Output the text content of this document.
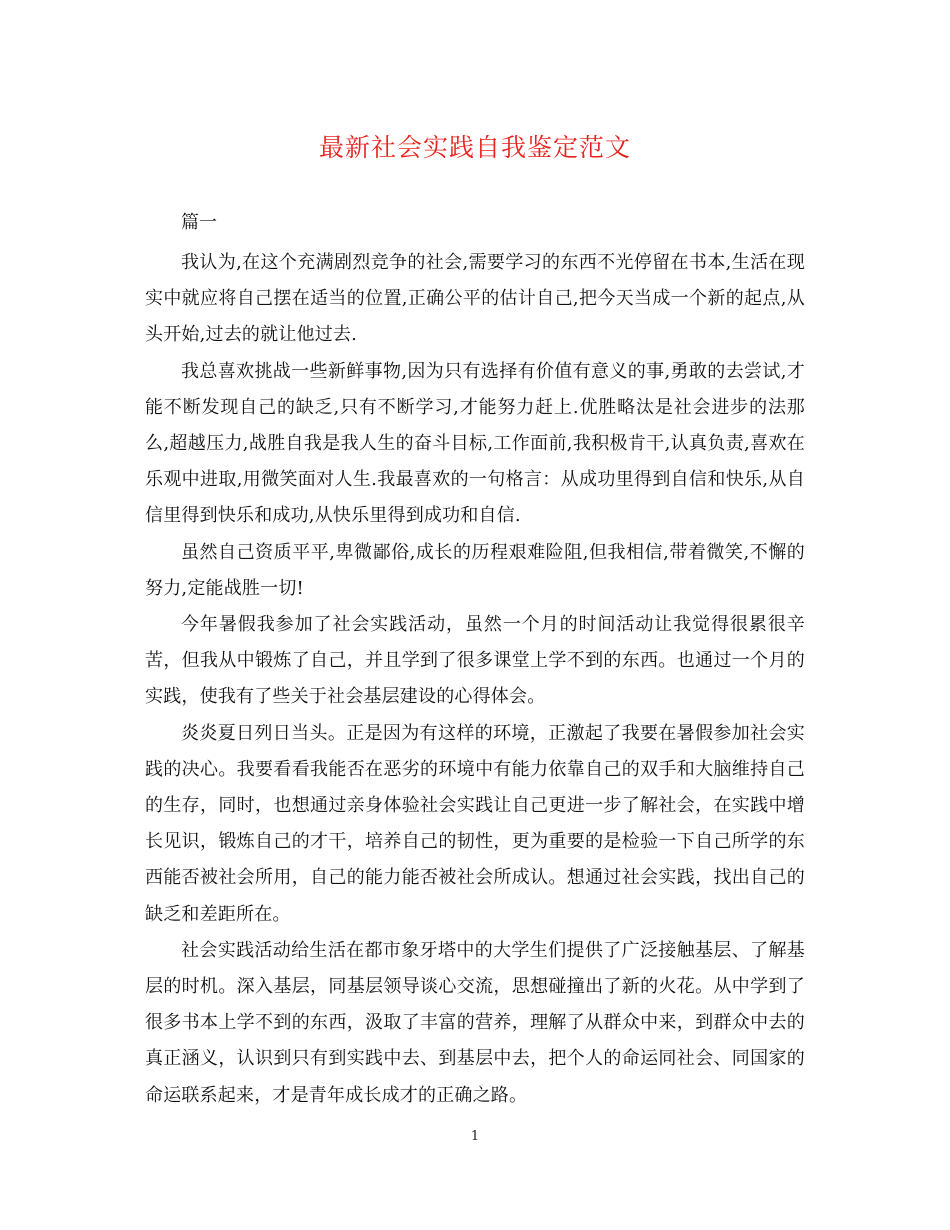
最新社会实践自我鉴定范文

篇一

我认为,在这个充满剧烈竞争的社会,需要学习的东西不光停留在书本,生活在现实中就应将自己摆在适当的位置,正确公平的估计自己,把今天当成一个新的起点,从头开始,过去的就让他过去.

我总喜欢挑战一些新鲜事物,因为只有选择有价值有意义的事,勇敢的去尝试,才能不断发现自己的缺乏,只有不断学习,才能努力赶上.优胜略汰是社会进步的法那么,超越压力,战胜自我是我人生的奋斗目标,工作面前,我积极肯干,认真负责,喜欢在乐观中进取,用微笑面对人生.我最喜欢的一句格言：从成功里得到自信和快乐,从自信里得到快乐和成功,从快乐里得到成功和自信.

虽然自己资质平平,卑微鄙俗,成长的历程艰难险阻,但我相信,带着微笑,不懈的努力,定能战胜一切!

今年暑假我参加了社会实践活动，虽然一个月的时间活动让我觉得很累很辛苦，但我从中锻炼了自己，并且学到了很多课堂上学不到的东西。也通过一个月的实践，使我有了些关于社会基层建设的心得体会。

炎炎夏日列日当头。正是因为有这样的环境，正激起了我要在暑假参加社会实践的决心。我要看看我能否在恶劣的环境中有能力依靠自己的双手和大脑维持自己的生存，同时，也想通过亲身体验社会实践让自己更进一步了解社会，在实践中增长见识，锻炼自己的才干，培养自己的韧性，更为重要的是检验一下自己所学的东西能否被社会所用，自己的能力能否被社会所成认。想通过社会实践，找出自己的缺乏和差距所在。

社会实践活动给生活在都市象牙塔中的大学生们提供了广泛接触基层、了解基层的时机。深入基层，同基层领导谈心交流，思想碰撞出了新的火花。从中学到了很多书本上学不到的东西，汲取了丰富的营养，理解了从群众中来，到群众中去的真正涵义，认识到只有到实践中去、到基层中去，把个人的命运同社会、同国家的命运联系起来，才是青年成长成才的正确之路。

1
